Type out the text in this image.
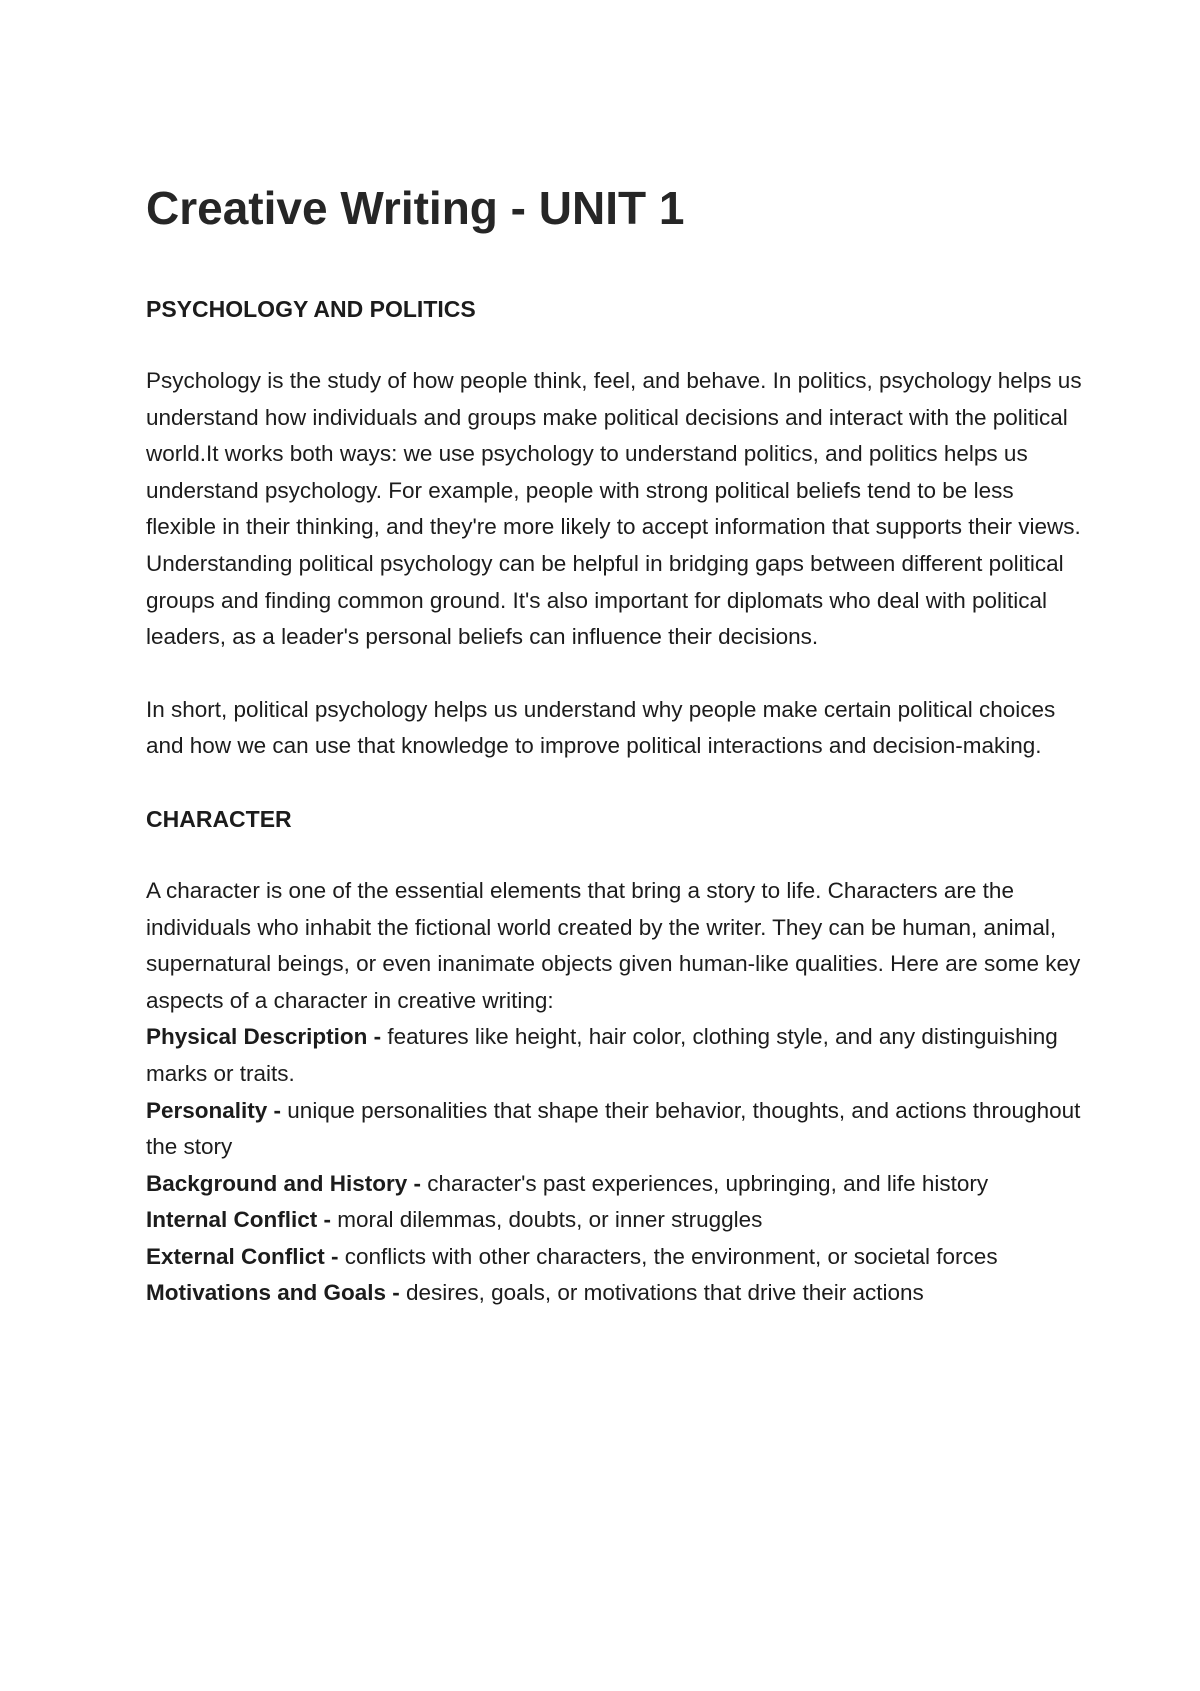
Creative Writing - UNIT 1
PSYCHOLOGY AND POLITICS

Psychology is the study of how people think, feel, and behave. In politics, psychology helps us understand how individuals and groups make political decisions and interact with the political world.It works both ways: we use psychology to understand politics, and politics helps us understand psychology. For example, people with strong political beliefs tend to be less flexible in their thinking, and they're more likely to accept information that supports their views.

Understanding political psychology can be helpful in bridging gaps between different political groups and finding common ground. It's also important for diplomats who deal with political leaders, as a leader's personal beliefs can influence their decisions.

In short, political psychology helps us understand why people make certain political choices and how we can use that knowledge to improve political interactions and decision-making.

CHARACTER

A character is one of the essential elements that bring a story to life. Characters are the individuals who inhabit the fictional world created by the writer. They can be human, animal, supernatural beings, or even inanimate objects given human-like qualities. Here are some key aspects of a character in creative writing:

Physical Description - features like height, hair color, clothing style, and any distinguishing marks or traits.

Personality - unique personalities that shape their behavior, thoughts, and actions throughout the story

Background and History - character's past experiences, upbringing, and life history

Internal Conflict - moral dilemmas, doubts, or inner struggles

External Conflict - conflicts with other characters, the environment, or societal forces

Motivations and Goals - desires, goals, or motivations that drive their actions
